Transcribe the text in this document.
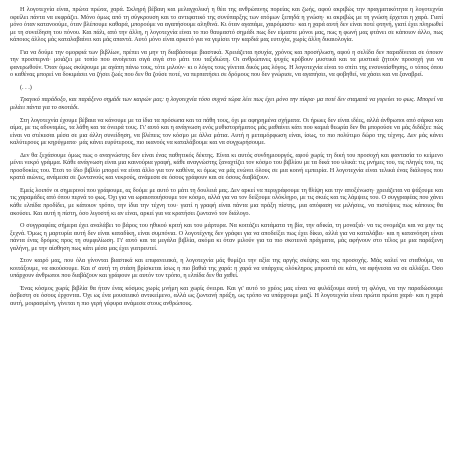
Η λογοτεχνία είναι, πρώτα πρώτα, χαρά. Σκληρή βέβαιη και μελαγχολική η θέα της ανθρώπινης πορείας και ζωής, αφού ακριβώς την πραγματικότητα η λογοτεχνία οφείλει πάντα να εκφράζει. Μόνο όμως από τη σύγκρουση και το αντιφατικό της συνύπαρξης των ατόμων ξεπηδά η γνώση· κι ακριβώς με τη γνώση έρχεται η χαρά. Γιατί μόνο όταν κατανοούμε, όταν βλέπουμε καθαρά, μπορούμε να αγαπήσουμε αληθινά. Κι όταν αγαπάμε, χαιρόμαστε· και η χαρά αυτή δεν είναι ποτέ φτηνή, γιατί έχει πληρωθεί με τη συνείδηση του πόνου. Και πάλι, από την άλλη, η λογοτεχνία είναι το πιο θαυμαστό σημάδι πως δεν είμαστε μόνοι μας, πως η φωνή μας φτάνει σε κάποιον άλλο, πως κάποιος άλλος μάς καταλαβαίνει και μάς απαντά. Αυτό μόνο είναι αρκετό για να γεμίσει την καρδιά μας ευτυχία, χωρίς άλλη δικαιολογία.

Για να δούμε την ομορφιά των βιβλίων, πρέπει να μην τη διαβάσουμε βιαστικά. Χρειάζεται ησυχία, χρόνος και προσήλωση, αφού η σελίδα δεν παραδίνεται σε όποιον την προσπερνά· μοιάζει με τοπίο που ανοίγεται σιγά σιγά στο μάτι του ταξιδιώτη. Οι ανθρώπινες ψυχές κρύβουν μυστικά και τα μυστικά ζητούν προσοχή για να φανερωθούν. Όταν όμως σκύψουμε με αγάπη πάνω τους, τότε μιλούν· κι ο λόγος τους γίνεται δικός μας λόγος. Η λογοτεχνία είναι το σπίτι της ενσυναίσθησης, ο τόπος όπου ο καθένας μπορεί να δοκιμάσει να ζήσει ζωές που δεν θα ζούσε ποτέ, να περπατήσει σε δρόμους που δεν γνώρισε, να αγαπήσει, να φοβηθεί, να χάσει και να ξαναβρεί.

(. . .)

Τραγικό παράδοξο, και παράξενο σημάδι των καιρών μας: η λογοτεχνία τόσο συχνά τώρα λέει πως έχει μόνο την πίκρα· μα ποτέ δεν σταματά να γυρεύει το φως. Μπορεί να μιλάει πάντα για το σκοτάδι.

Στη λογοτεχνία έχουμε βέβαια να κάνουμε με τα ίδια τα πρόσωπα και τα πάθη τους, όχι με αφηρημένα σχήματα. Οι ήρωες δεν είναι ιδέες, αλλά άνθρωποι από σάρκα και αίμα, με τις αδυναμίες, τα λάθη και τα όνειρά τους. Γι' αυτό και η ανάγνωση ενός μυθιστορήματος μάς μαθαίνει κάτι που καμιά θεωρία δεν θα μπορούσε να μάς διδάξει: πώς είναι να στέκεσαι μέσα σε μια άλλη συνείδηση, να βλέπεις τον κόσμο με άλλα μάτια. Αυτή η μεταμόρφωση είναι, ίσως, το πιο πολύτιμο δώρο της τέχνης. Δεν μάς κάνει καλύτερους με κηρύγματα· μάς κάνει ευρύτερους, πιο ικανούς να καταλάβουμε και να συγχωρήσουμε.

Δεν θα ξεχάσουμε όμως πως ο αναγνώστης δεν είναι ένας παθητικός δέκτης. Είναι κι αυτός συνδημιουργός, αφού χωρίς τη δική του προσοχή και φαντασία το κείμενο μένει νεκρό γράμμα. Κάθε ανάγνωση είναι μια καινούρια γραφή, κάθε αναγνώστης ξαναχτίζει τον κόσμο του βιβλίου με τα δικά του υλικά: τις μνήμες του, τις πληγές του, τις προσδοκίες του. Έτσι το ίδιο βιβλίο μπορεί να είναι άλλο για τον καθένα, κι όμως να μάς ενώνει όλους σε μια κοινή εμπειρία. Η λογοτεχνία είναι τελικά ένας διάλογος που κρατά αιώνες, ανάμεσα σε ζωντανούς και νεκρούς, ανάμεσα σε όσους γράφουν και σε όσους διαβάζουν.

Εμείς λοιπόν οι σημερινοί που γράφουμε, ας δούμε με αυτό το μάτι τη δουλειά μας. Δεν αρκεί να περιγράφουμε τη θλίψη και την αποξένωση· χρειάζεται να ψάξουμε και τις χαραμάδες από όπου περνά το φως. Όχι για να ωραιοποιήσουμε τον κόσμο, αλλά για να τον δείξουμε ολόκληρο, με τις σκιές και τις λάμψεις του. Ο συγγραφέας που χάνει κάθε ελπίδα προδίδει, με κάποιον τρόπο, την ίδια την τέχνη του· γιατί η γραφή είναι πάντα μια πράξη πίστης, μια απόφαση να μιλήσεις, να πιστέψεις πως κάποιος θα ακούσει. Και αυτή η πίστη, όσο λιγοστή κι αν είναι, αρκεί για να κρατήσει ζωντανό τον διάλογο.

Ο συγγραφέας σήμερα έχει αναλάβει το βάρος του ηθικού κριτή και του μάρτυρα. Να κοιτάζει κατάματα τη βία, την αδικία, τη μοναξιά· να τις ονομάζει και να μην τις ξεχνά. Όμως η μαρτυρία αυτή δεν είναι καταδίκη, είναι συμπόνια. Ο λογοτέχνης δεν γράφει για να αποδείξει πως έχει δίκιο, αλλά για να καταλάβει· και η κατανόηση είναι πάντα ένας δρόμος προς τη συμφιλίωση. Γι' αυτό και τα μεγάλα βιβλία, ακόμα κι όταν μιλούν για τα πιο σκοτεινά πράγματα, μάς αφήνουν στο τέλος με μια παράξενη γαλήνη, με την αίσθηση πως κάτι μέσα μας έχει γιατρευτεί.

Στον καιρό μας, που όλα γίνονται βιαστικά και επιφανειακά, η λογοτεχνία μάς θυμίζει την αξία της αργής σκέψης και της προσοχής. Μάς καλεί να σταθούμε, να κοιτάξουμε, να ακούσουμε. Και σ' αυτή τη στάση βρίσκεται ίσως η πιο βαθιά της χαρά: η χαρά να υπάρχεις ολόκληρος μπροστά σε κάτι, να αφήνεσαι να σε αλλάξει. Όσο υπάρχουν άνθρωποι που διαβάζουν και γράφουν με αυτόν τον τρόπο, η ελπίδα δεν θα χαθεί.

Ένας κόσμος χωρίς βιβλία θα ήταν ένας κόσμος χωρίς μνήμη και χωρίς όνειρα. Και γι' αυτό το χρέος μας είναι να φυλάξουμε αυτή τη φλόγα, να την παραδώσουμε άσβεστη σε όσους έρχονται. Όχι ως ένα μουσειακό αντικείμενο, αλλά ως ζωντανή πράξη, ως τρόπο να υπάρχουμε μαζί. Η λογοτεχνία είναι πρώτα πρώτα χαρά· και η χαρά αυτή, μοιρασμένη, γίνεται η πιο γερή γέφυρα ανάμεσα στους ανθρώπους.
